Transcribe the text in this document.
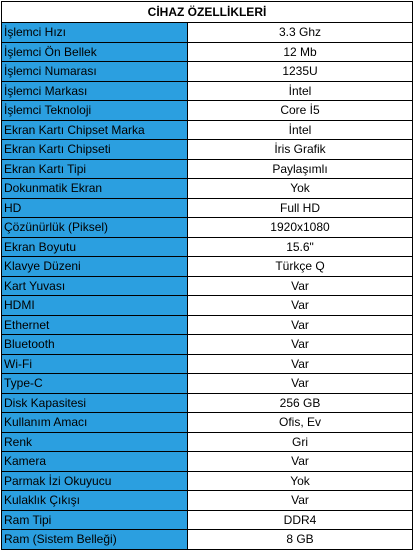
CİHAZ ÖZELLİKLERİ
İşlemci Hızı	3.3 Ghz
İşlemci Ön Bellek	12 Mb
İşlemci Numarası	1235U
İşlemci Markası	İntel
İşlemci Teknoloji	Core İ5
Ekran Kartı Chipset Marka	İntel
Ekran Kartı Chipseti	İris Grafik
Ekran Kartı Tipi	Paylaşımlı
Dokunmatik Ekran	Yok
HD	Full HD
Çözünürlük (Piksel)	1920x1080
Ekran Boyutu	15.6"
Klavye Düzeni	Türkçe Q
Kart Yuvası	Var
HDMI	Var
Ethernet	Var
Bluetooth	Var
Wi-Fi	Var
Type-C	Var
Disk Kapasitesi	256 GB
Kullanım Amacı	Ofis, Ev
Renk	Gri
Kamera	Var
Parmak İzi Okuyucu	Yok
Kulaklık Çıkışı	Var
Ram Tipi	DDR4
Ram (Sistem Belleği)	8 GB
